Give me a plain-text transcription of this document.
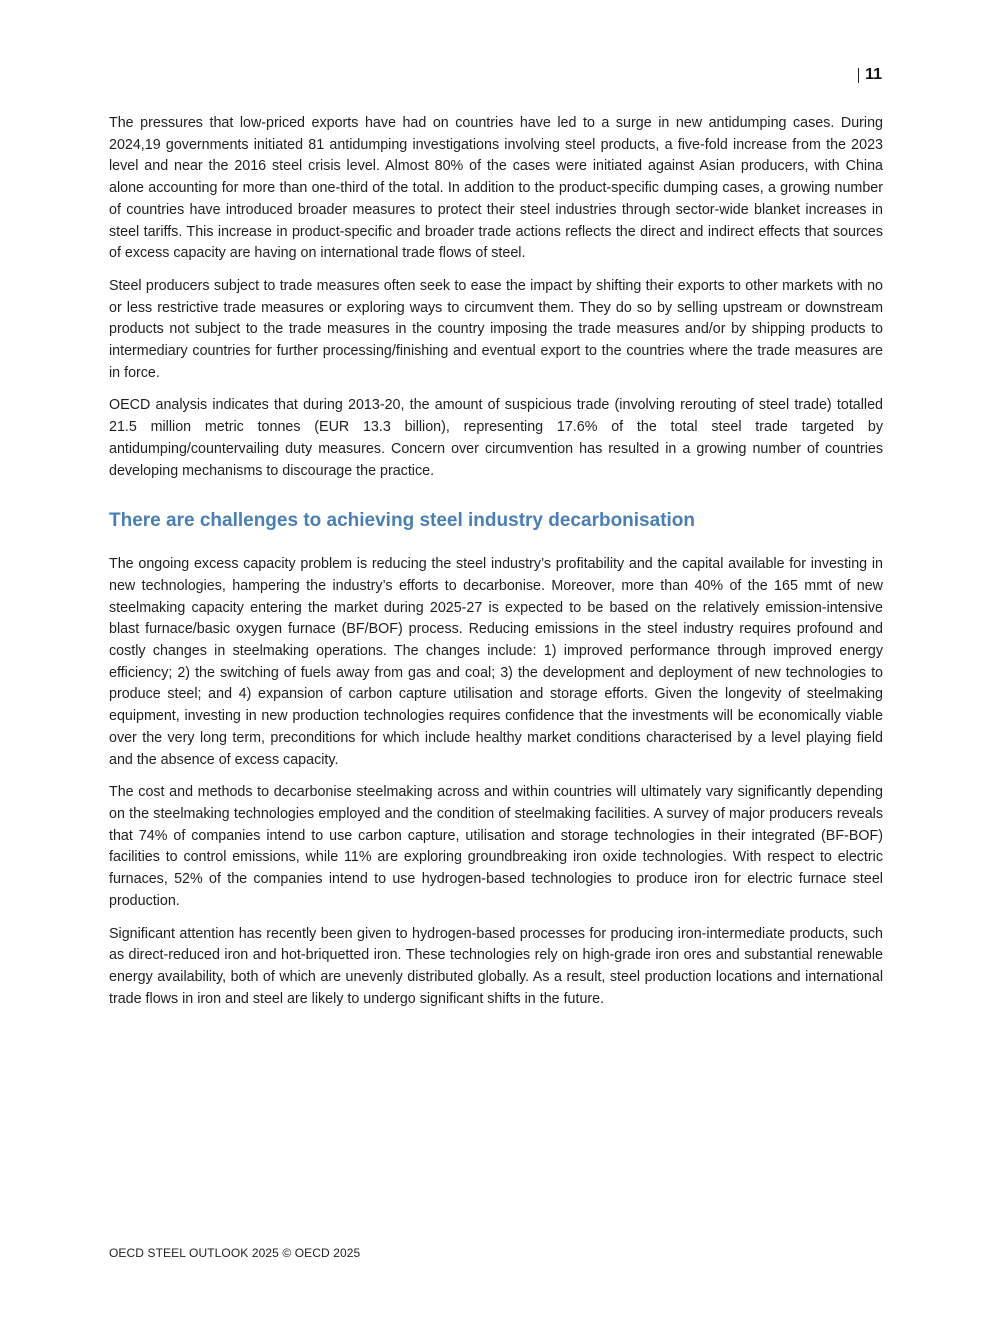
11

The pressures that low-priced exports have had on countries have led to a surge in new antidumping cases. During 2024,19 governments initiated 81 antidumping investigations involving steel products, a five-fold increase from the 2023 level and near the 2016 steel crisis level. Almost 80% of the cases were initiated against Asian producers, with China alone accounting for more than one-third of the total. In addition to the product-specific dumping cases, a growing number of countries have introduced broader measures to protect their steel industries through sector-wide blanket increases in steel tariffs. This increase in product-specific and broader trade actions reflects the direct and indirect effects that sources of excess capacity are having on international trade flows of steel.

Steel producers subject to trade measures often seek to ease the impact by shifting their exports to other markets with no or less restrictive trade measures or exploring ways to circumvent them. They do so by selling upstream or downstream products not subject to the trade measures in the country imposing the trade measures and/or by shipping products to intermediary countries for further processing/finishing and eventual export to the countries where the trade measures are in force.

OECD analysis indicates that during 2013-20, the amount of suspicious trade (involving rerouting of steel trade) totalled 21.5 million metric tonnes (EUR 13.3 billion), representing 17.6% of the total steel trade targeted by antidumping/countervailing duty measures. Concern over circumvention has resulted in a growing number of countries developing mechanisms to discourage the practice.

There are challenges to achieving steel industry decarbonisation

The ongoing excess capacity problem is reducing the steel industry’s profitability and the capital available for investing in new technologies, hampering the industry’s efforts to decarbonise. Moreover, more than 40% of the 165 mmt of new steelmaking capacity entering the market during 2025-27 is expected to be based on the relatively emission-intensive blast furnace/basic oxygen furnace (BF/BOF) process. Reducing emissions in the steel industry requires profound and costly changes in steelmaking operations. The changes include: 1) improved performance through improved energy efficiency; 2) the switching of fuels away from gas and coal; 3) the development and deployment of new technologies to produce steel; and 4) expansion of carbon capture utilisation and storage efforts. Given the longevity of steelmaking equipment, investing in new production technologies requires confidence that the investments will be economically viable over the very long term, preconditions for which include healthy market conditions characterised by a level playing field and the absence of excess capacity.

The cost and methods to decarbonise steelmaking across and within countries will ultimately vary significantly depending on the steelmaking technologies employed and the condition of steelmaking facilities. A survey of major producers reveals that 74% of companies intend to use carbon capture, utilisation and storage technologies in their integrated (BF-BOF) facilities to control emissions, while 11% are exploring groundbreaking iron oxide technologies. With respect to electric furnaces, 52% of the companies intend to use hydrogen-based technologies to produce iron for electric furnace steel production.

Significant attention has recently been given to hydrogen-based processes for producing iron-intermediate products, such as direct-reduced iron and hot-briquetted iron. These technologies rely on high-grade iron ores and substantial renewable energy availability, both of which are unevenly distributed globally. As a result, steel production locations and international trade flows in iron and steel are likely to undergo significant shifts in the future.

OECD STEEL OUTLOOK 2025 © OECD 2025
